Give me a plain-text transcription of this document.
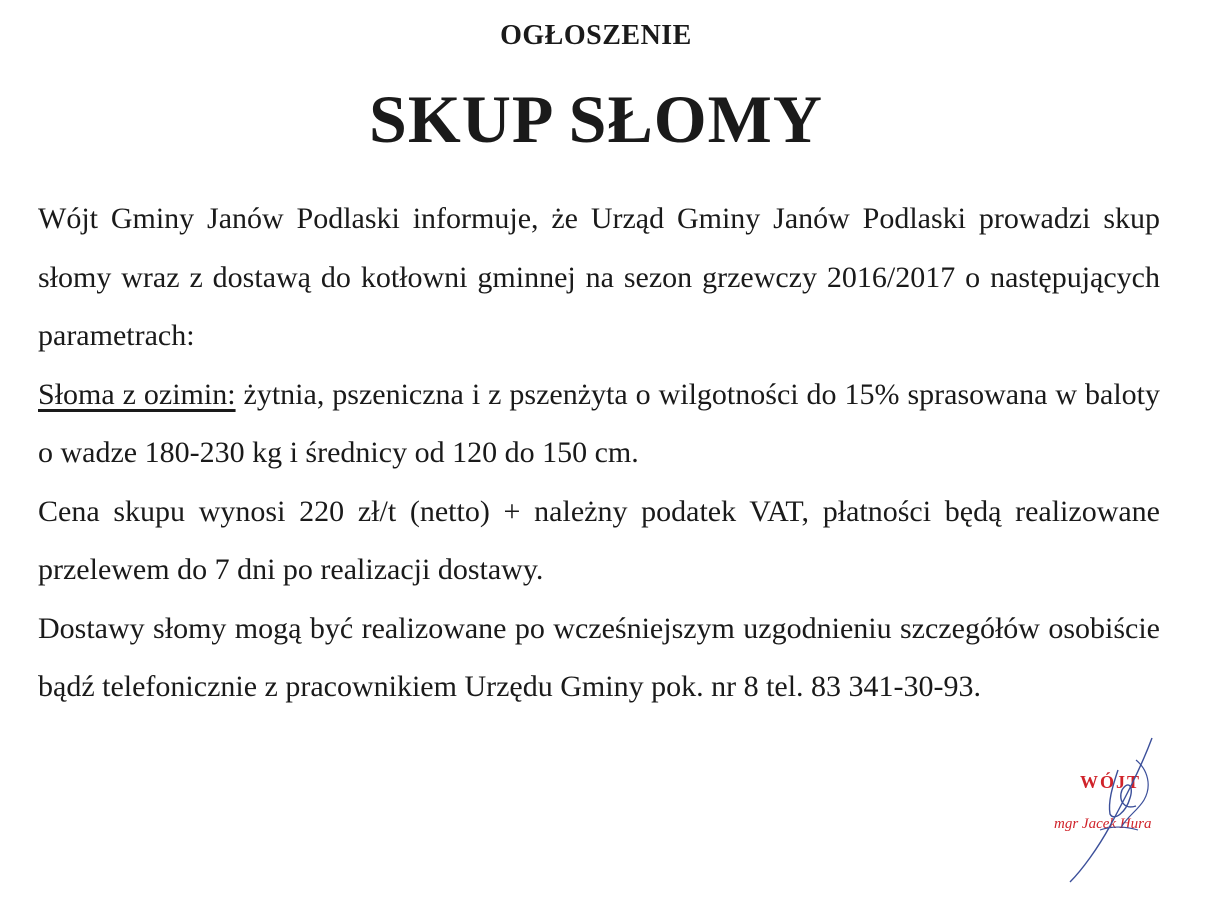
OGŁOSZENIE
SKUP SŁOMY

Wójt Gminy Janów Podlaski informuje, że Urząd Gminy Janów Podlaski prowadzi skup słomy wraz z dostawą do kotłowni gminnej na sezon grzewczy 2016/2017 o następujących parametrach:

Słoma z ozimin: żytnia, pszeniczna i z pszenżyta o wilgotności do 15% sprasowana w baloty o wadze 180-230 kg i średnicy od 120 do 150 cm.

Cena skupu wynosi 220 zł/t (netto) + należny podatek VAT, płatności będą realizowane przelewem do 7 dni po realizacji dostawy.

Dostawy słomy mogą być realizowane po wcześniejszym uzgodnieniu szczegółów osobiście bądź telefonicznie z pracownikiem Urzędu Gminy pok. nr 8 tel. 83 341-30-93.

WÓJT
mgr Jacek Hura
